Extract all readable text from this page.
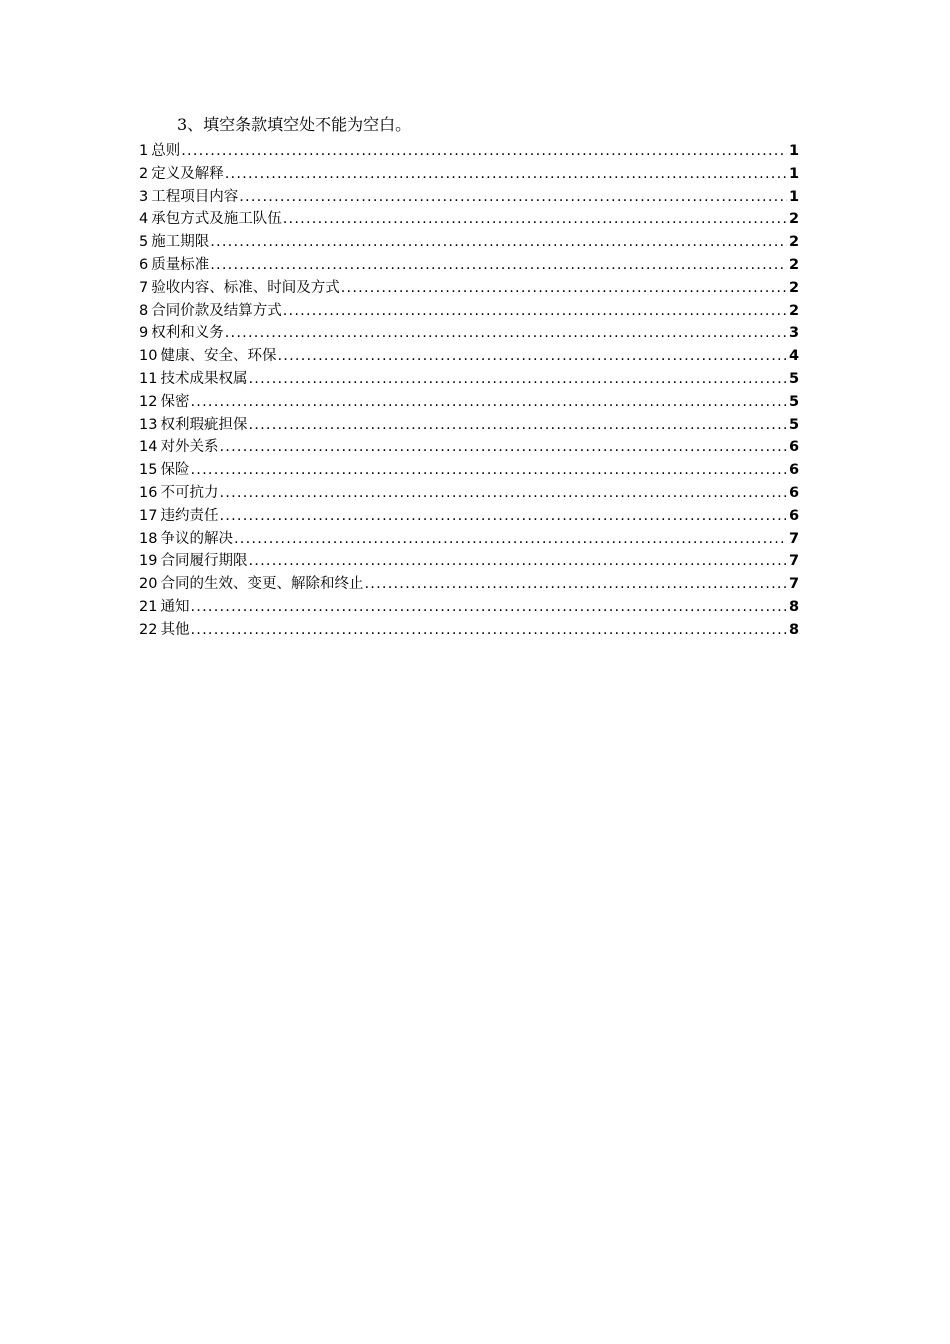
3、填空条款填空处不能为空白。
1 总则 .....	1
2 定义及解释 .....	1
3 工程项目内容 .....	1
4 承包方式及施工队伍 .....	2
5 施工期限 .....	2
6 质量标准 .....	2
7 验收内容、标准、时间及方式 .....	2
8 合同价款及结算方式 .....	2
9 权利和义务 .....	3
10 健康、安全、环保 .....	4
11 技术成果权属 .....	5
12 保密 .....	5
13 权利瑕疵担保 .....	5
14 对外关系 .....	6
15 保险 .....	6
16 不可抗力 .....	6
17 违约责任 .....	6
18 争议的解决 .....	7
19 合同履行期限 .....	7
20 合同的生效、变更、解除和终止 .....	7
21 通知 .....	8
22 其他 .....	8
